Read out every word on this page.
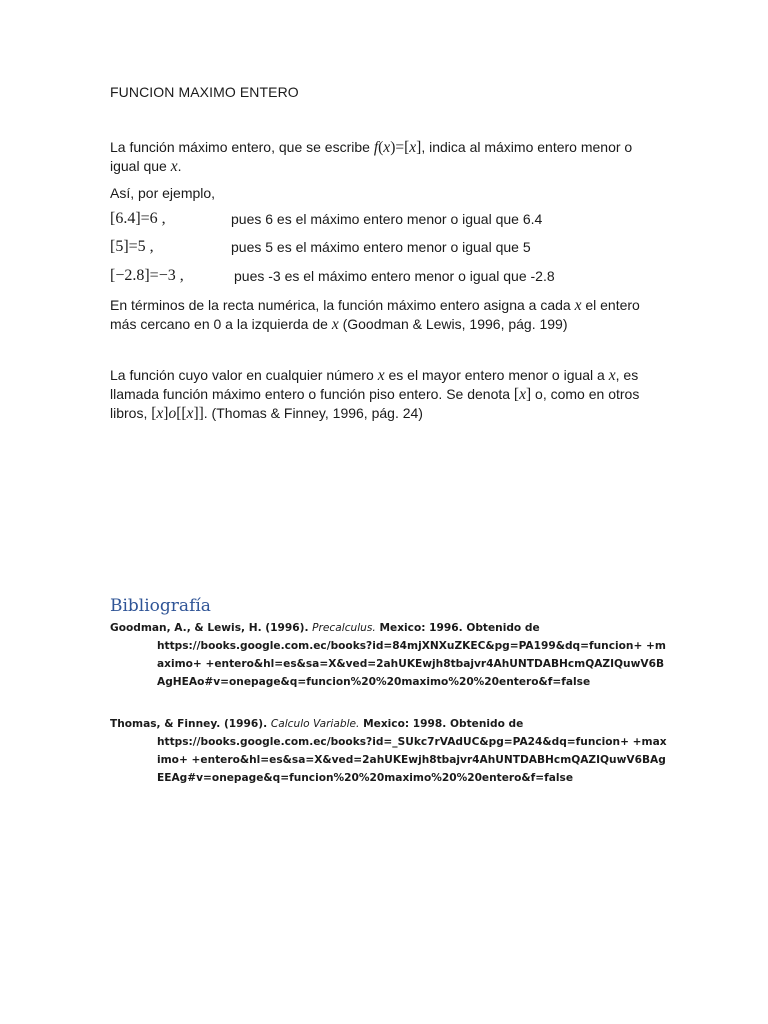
FUNCION MAXIMO ENTERO
La función máximo entero, que se escribe f(x)=[x], indica al máximo entero menor o igual que x.
Así, por ejemplo,
[6.4]=6 ,	pues 6 es el máximo entero menor o igual que 6.4
[5]=5 ,	pues 5 es el máximo entero menor o igual que 5
[−2.8]=−3 ,	pues -3 es el máximo entero menor o igual que -2.8
En términos de la recta numérica, la función máximo entero asigna a cada x el entero más cercano en 0 a la izquierda de x (Goodman & Lewis, 1996, pág. 199)
La función cuyo valor en cualquier número x es el mayor entero menor o igual a x, es llamada función máximo entero o función piso entero. Se denota [x] o, como en otros libros, [x]o[[x]]. (Thomas & Finney, 1996, pág. 24)
Bibliografía
Goodman, A., & Lewis, H. (1996). Precalculus. Mexico: 1996. Obtenido de
https://books.google.com.ec/books?id=84mjXNXuZKEC&pg=PA199&dq=funcion+ +maximo+ +entero&hl=es&sa=X&ved=2ahUKEwjh8tbajvr4AhUNTDABHcmQAZIQuwV6BAgHEAo#v=onepage&q=funcion%20%20maximo%20%20entero&f=false
Thomas, & Finney. (1996). Calculo Variable. Mexico: 1998. Obtenido de
https://books.google.com.ec/books?id=_SUkc7rVAdUC&pg=PA24&dq=funcion+ +maximo+ +entero&hl=es&sa=X&ved=2ahUKEwjh8tbajvr4AhUNTDABHcmQAZIQuwV6BAgEEAg#v=onepage&q=funcion%20%20maximo%20%20entero&f=false
